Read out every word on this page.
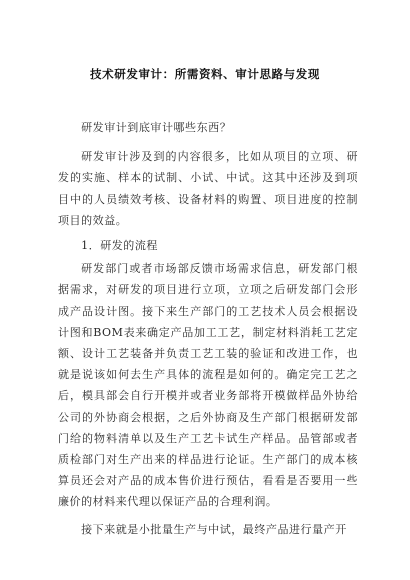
技术研发审计：所需资料、审计思路与发现

研发审计到底审计哪些东西？

研发审计涉及到的内容很多，比如从项目的立项、研发的实施、样本的试制、小试、中试。这其中还涉及到项目中的人员绩效考核、设备材料的购置、项目进度的控制项目的效益。

1．研发的流程

研发部门或者市场部反馈市场需求信息，研发部门根据需求，对研发的项目进行立项，立项之后研发部门会形成产品设计图。接下来生产部门的工艺技术人员会根据设计图和BOM表来确定产品加工工艺，制定材料消耗工艺定额、设计工艺装备并负责工艺工装的验证和改进工作，也就是说该如何去生产具体的流程是如何的。确定完工艺之后，模具部会自行开模并或者业务部将开模做样品外协给公司的外协商会根据，之后外协商及生产部门根据研发部门给的物料清单以及生产工艺卡试生产样品。品管部或者质检部门对生产出来的样品进行论证。生产部门的成本核算员还会对产品的成本售价进行预估，看看是否要用一些廉价的材料来代理以保证产品的合理利润。

接下来就是小批量生产与中试，最终产品进行量产开
